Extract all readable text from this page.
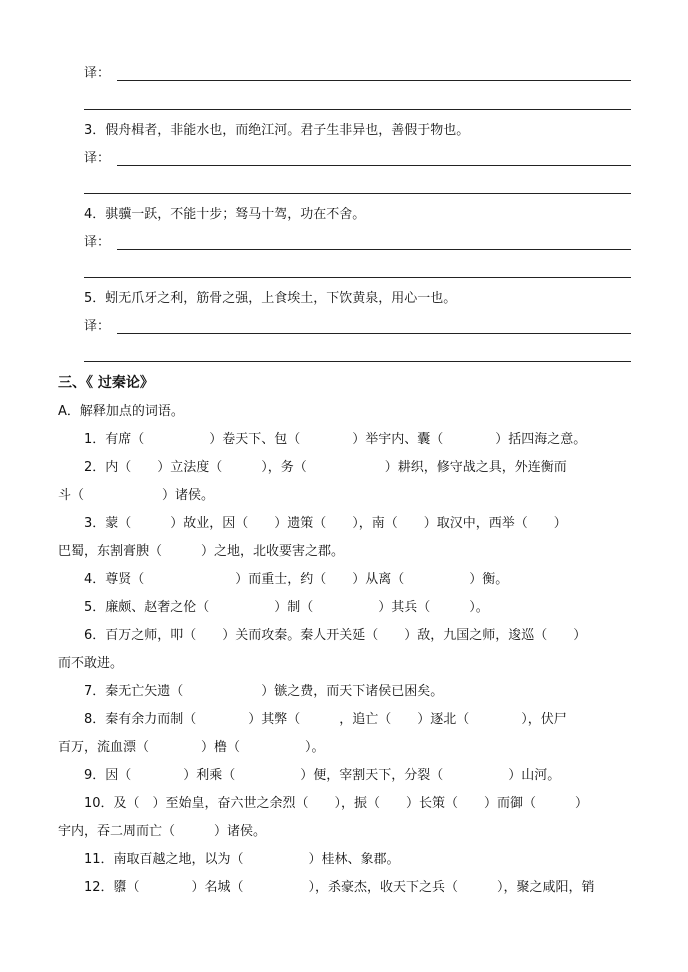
译：
3．假舟楫者，非能水也，而绝江河。君子生非异也，善假于物也。
译：
4．骐骥一跃，不能十步；驽马十驾，功在不舍。
译：
5．蚓无爪牙之利，筋骨之强，上食埃土，下饮黄泉，用心一也。
译：
三、《 过秦论》
A．解释加点的词语。
1．有席（　　　　　）卷天下、包（　　　　）举宇内、囊（　　　　）括四海之意。
2．内（　　）立法度（　　　），务（　　　　　　）耕织，修守战之具，外连衡而
斗（　　　　　　）诸侯。
3．蒙（　　　）故业，因（　　）遗策（　　），南（　　）取汉中，西举（　　）
巴蜀，东割膏腴（　　　）之地，北收要害之郡。
4．尊贤（　　　　　　　）而重士，约（　　）从离（　　　　　）衡。
5．廉颇、赵奢之伦（　　　　　）制（　　　　　）其兵（　　　）。
6．百万之师，叩（　　）关而攻秦。秦人开关延（　　）敌，九国之师，逡巡（　　）
而不敢进。
7．秦无亡矢遗（　　　　　　）镞之费，而天下诸侯已困矣。
8．秦有余力而制（　　　　）其弊（　　　，追亡（　　）逐北（　　　　），伏尸
百万，流血漂（　　　　）橹（　　　　　）。
9．因（　　　　）利乘（　　　　　）便，宰割天下，分裂（　　　　　）山河。
10．及（　）至始皇，奋六世之余烈（　　），振（　　）长策（　　）而御（　　　）
宇内，吞二周而亡（　　　）诸侯。
11．南取百越之地，以为（　　　　　）桂林、象郡。
12．隳（　　　　）名城（　　　　　），杀豪杰，收天下之兵（　　　），聚之咸阳，销
